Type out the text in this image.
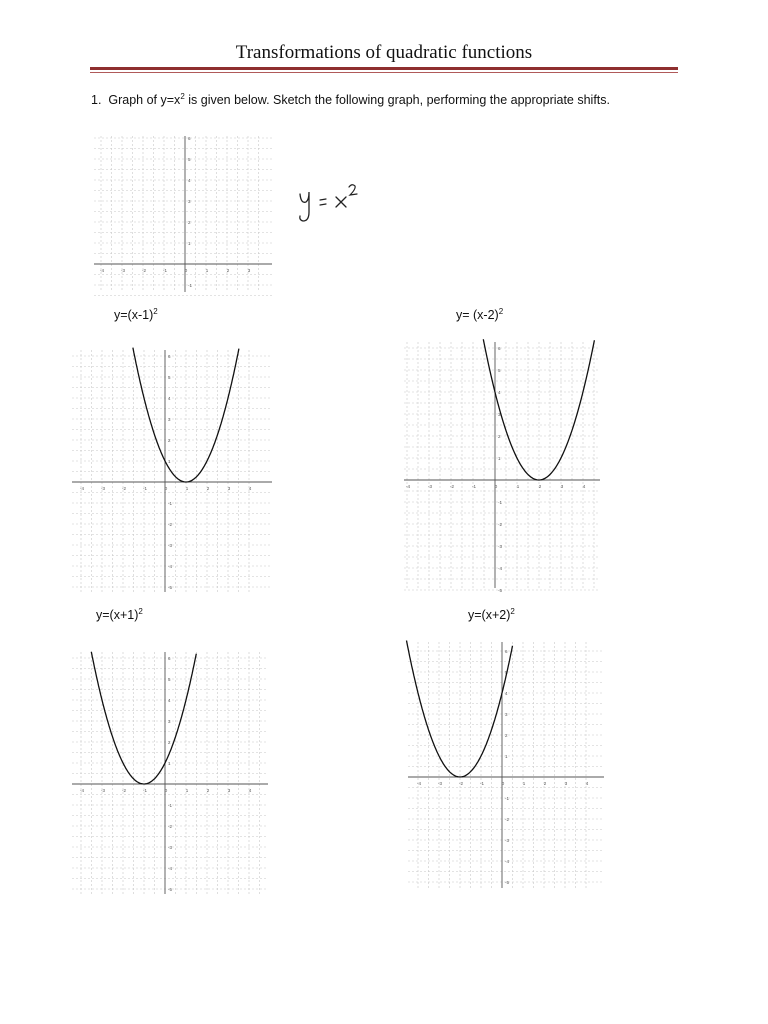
Transformations of quadratic functions
1. Graph of $y=x^2$ is given below. Sketch the following graph, performing the appropriate shifts.
$y=(x-1)^2$	$y= (x-2)^2$
$y=(x+1)^2$	$y=(x+2)^2$
-4	-3	-2	-1	0	1	2	3
-1
1
2
3
4
5
6
-4	-3	-2	-1	0	1	2	3	4
-5
-4
-3
-2
-1
1
2
3
4
5
6
-4	-3	-2	-1	0	1	2	3	4
-5
-4
-3
-2
-1
1
2
3
4
5
6
-4	-3	-2	-1	0	1	2	3	4
-5
-4
-3
-2
-1
1
2
3
4
5
6
-4	-3	-2	-1	0	1	2	3	4
-5
-4
-3
-2
-1
1
2
3
4
5
6
